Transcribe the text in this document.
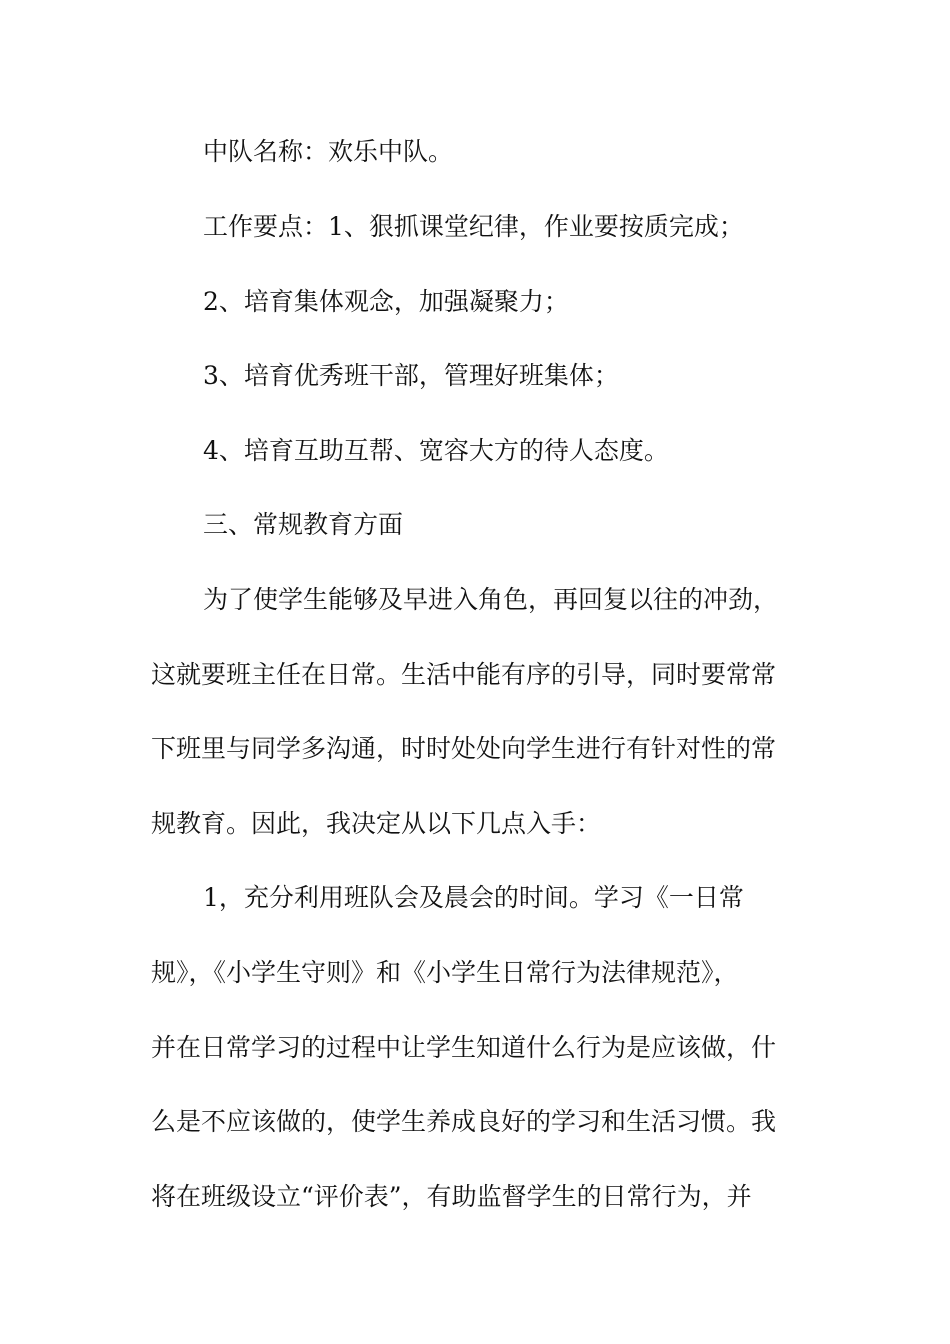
中队名称：欢乐中队。

工作要点：1、狠抓课堂纪律，作业要按质完成；

2、培育集体观念，加强凝聚力；

3、培育优秀班干部，管理好班集体；

4、培育互助互帮、宽容大方的待人态度。

三、常规教育方面

为了使学生能够及早进入角色，再回复以往的冲劲，

这就要班主任在日常。生活中能有序的引导，同时要常常

下班里与同学多沟通，时时处处向学生进行有针对性的常

规教育。因此，我决定从以下几点入手：

1，充分利用班队会及晨会的时间。学习《一日常

规》，《小学生守则》和《小学生日常行为法律规范》，

并在日常学习的过程中让学生知道什么行为是应该做，什

么是不应该做的，使学生养成良好的学习和生活习惯。我

将在班级设立“评价表”，有助监督学生的日常行为，并
